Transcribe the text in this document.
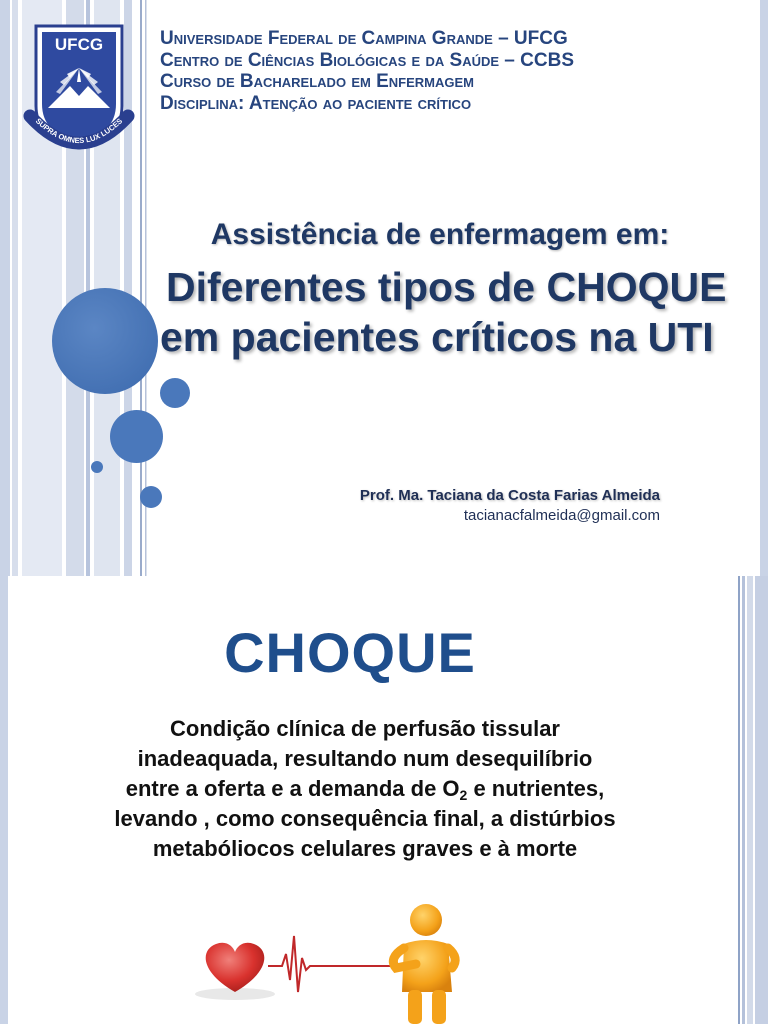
UFCG
SUPRA OMNES LUX LUCES
Universidade Federal de Campina Grande – UFCG
Centro de Ciências Biológicas e da Saúde – CCBS
Curso de Bacharelado em Enfermagem
Disciplina: Atenção ao paciente crítico
Assistência de enfermagem em:
Diferentes tipos de CHOQUE
em pacientes críticos na UTI
Prof. Ma. Taciana da Costa Farias Almeida
tacianacfalmeida@gmail.com
CHOQUE
Condição clínica de perfusão tissular
inadeaquada, resultando num desequilíbrio
entre a oferta e a demanda de $O_2$ e nutrientes,
levando , como consequência final, a distúrbios
metabóliocos celulares graves e à morte
